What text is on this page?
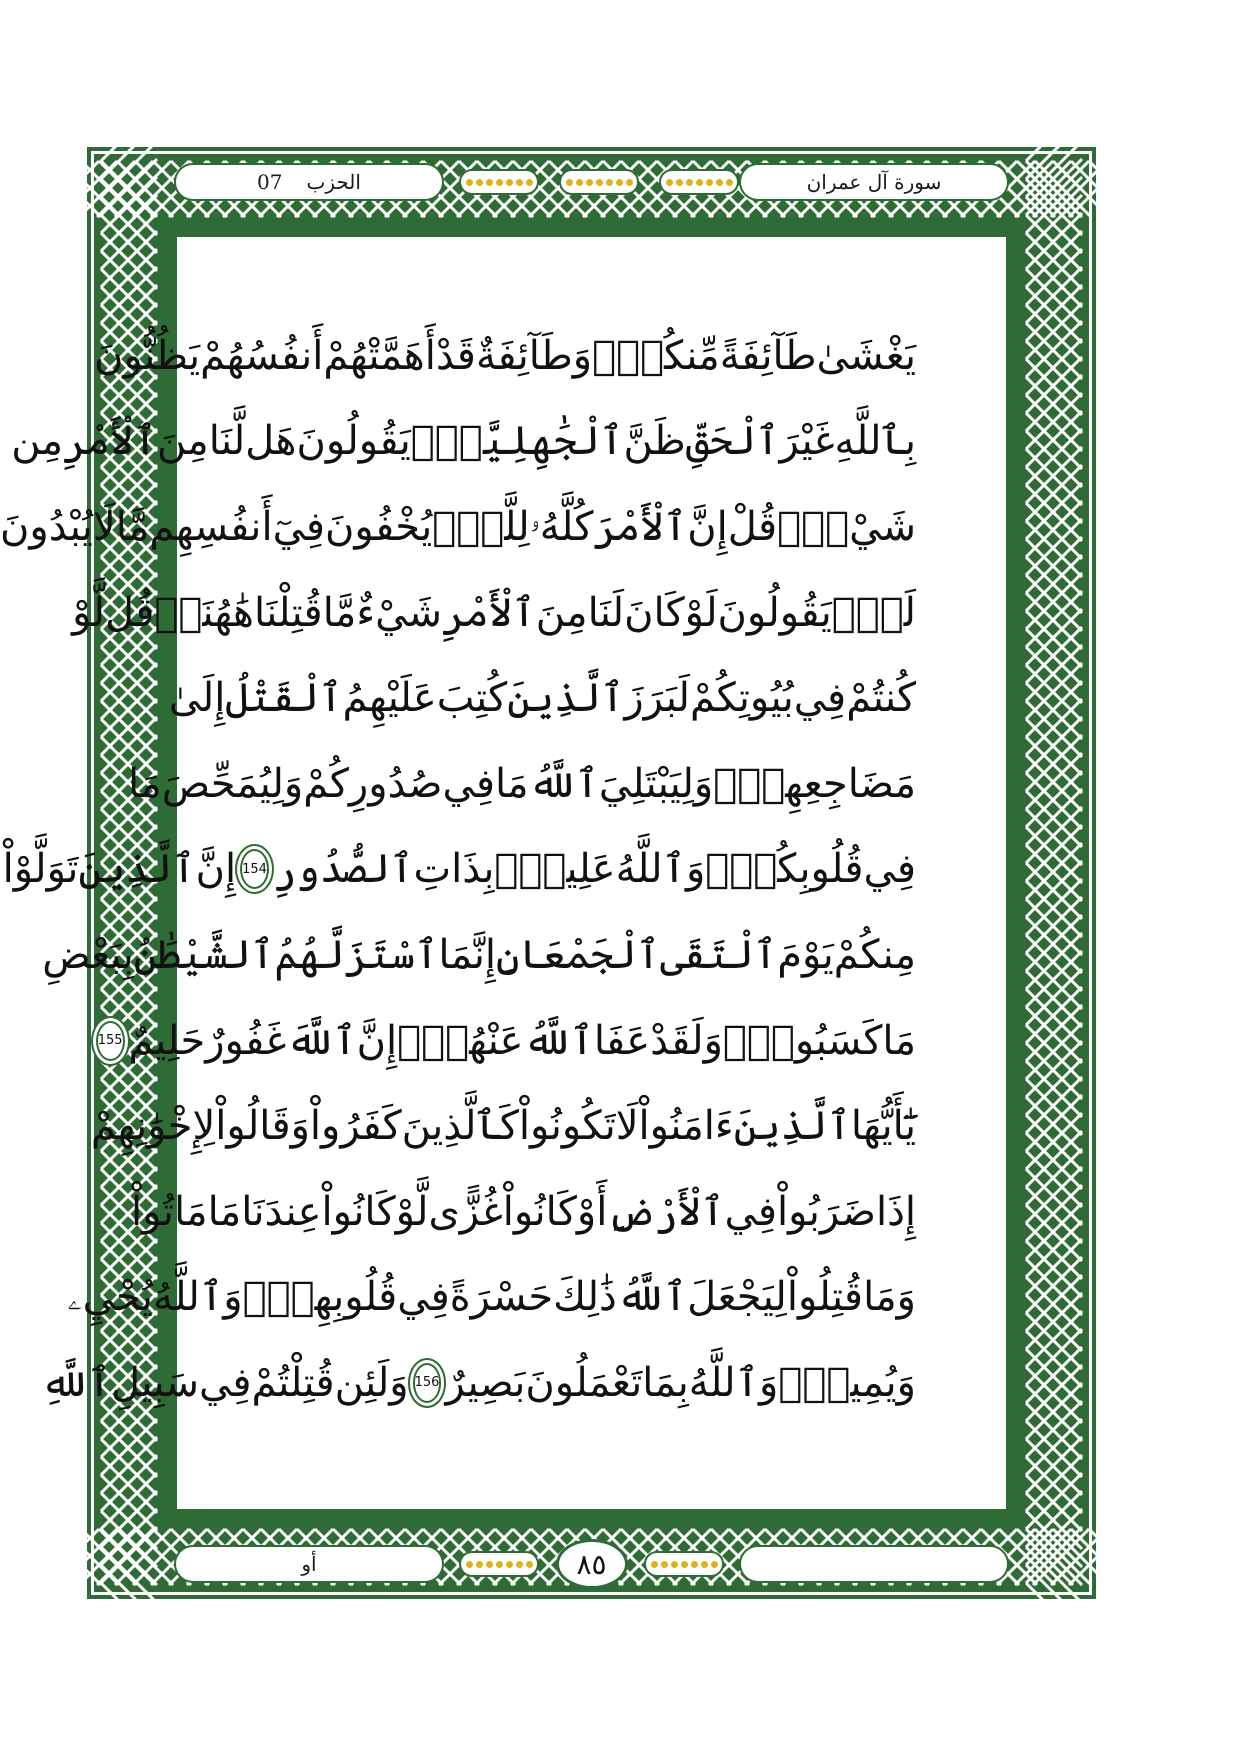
07 الحزب	سورة آل عمران
يَغْشَىٰ
طَآئِفَةً
مِّنكُمْۖ
وَطَآئِفَةٌ
قَدْ
أَهَمَّتْهُمْ
أَنفُسُهُمْ
يَظُنُّونَ
بِٱللَّهِ
غَيْرَ
ٱلْحَقِّ
ظَنَّ
ٱلْجَٰهِلِيَّةِۖ
يَقُولُونَ
هَل
لَّنَا
مِنَ
ٱلْأَمْرِ
مِن
شَيْءٍۗ
قُلْ
إِنَّ
ٱلْأَمْرَ
كُلَّهُۥ
لِلَّهِۗ
يُخْفُونَ
فِيٓ
أَنفُسِهِم
مَّا
لَا
يُبْدُونَ
لَكَۖ
يَقُولُونَ
لَوْ
كَانَ
لَنَا
مِنَ
ٱلْأَمْرِ
شَيْءٌ
مَّا
قُتِلْنَا
هَٰهُنَاۗ
قُل
لَّوْ
كُنتُمْ
فِي
بُيُوتِكُمْ
لَبَرَزَ
ٱلَّذِينَ
كُتِبَ
عَلَيْهِمُ
ٱلْقَتْلُ
إِلَىٰ
مَضَاجِعِهِمْۖ
وَلِيَبْتَلِيَ
ٱللَّهُ
مَا
فِي
صُدُورِكُمْ
وَلِيُمَحِّصَ
مَا
فِي
قُلُوبِكُمْۚ
وَٱللَّهُ
عَلِيمُۢ
بِذَاتِ
ٱلصُّدُورِ
154
إِنَّ
ٱلَّذِينَ
تَوَلَّوْاْ
مِنكُمْ
يَوْمَ
ٱلْتَقَى
ٱلْجَمْعَانِ
إِنَّمَا
ٱسْتَزَلَّهُمُ
ٱلشَّيْطَٰنُ
بِبَعْضِ
مَا
كَسَبُواْۖ
وَلَقَدْ
عَفَا
ٱللَّهُ
عَنْهُمْۗ
إِنَّ
ٱللَّهَ
غَفُورٌ
حَلِيمٌ
155
يَٰٓأَيُّهَا
ٱلَّذِينَ
ءَامَنُواْ
لَا
تَكُونُواْ
كَٱلَّذِينَ
كَفَرُواْ
وَقَالُواْ
لِإِخْوَٰنِهِمْ
إِذَا
ضَرَبُواْ
فِي
ٱلْأَرْضِ
أَوْ
كَانُواْ
غُزًّى
لَّوْ
كَانُواْ
عِندَنَا
مَا
مَاتُواْ
وَمَا
قُتِلُواْ
لِيَجْعَلَ
ٱللَّهُ
ذَٰلِكَ
حَسْرَةً
فِي
قُلُوبِهِمْۗ
وَٱللَّهُ
يُحْيِۦ
وَيُمِيتُۗ
وَٱللَّهُ
بِمَا
تَعْمَلُونَ
بَصِيرٌ
156
وَلَئِن
قُتِلْتُمْ
فِي
سَبِيلِ
ٱللَّهِ
أو	٨٥
